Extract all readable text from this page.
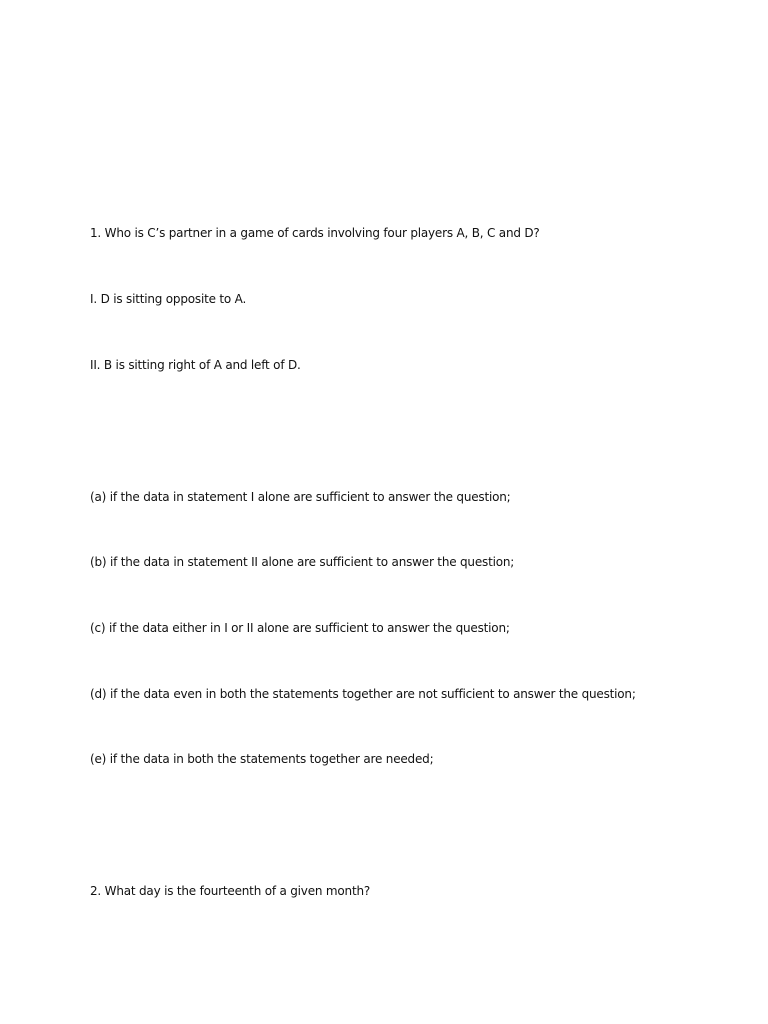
1. Who is C’s partner in a game of cards involving four players A, B, C and D?
I. D is sitting opposite to A.
II. B is sitting right of A and left of D.
(a) if the data in statement I alone are sufficient to answer the question;
(b) if the data in statement II alone are sufficient to answer the question;
(c) if the data either in I or II alone are sufficient to answer the question;
(d) if the data even in both the statements together are not sufficient to answer the question;
(e) if the data in both the statements together are needed;
2. What day is the fourteenth of a given month?
